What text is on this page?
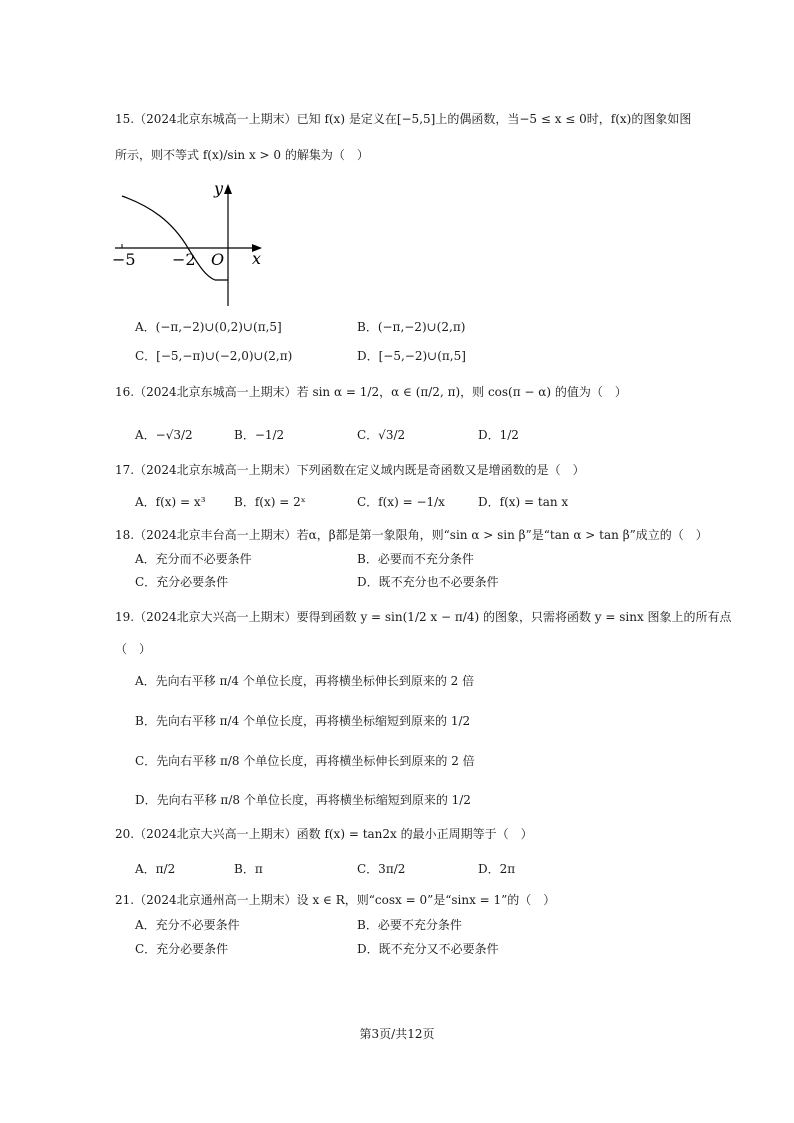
15.（2024北京东城高一上期末）已知 f(x) 是定义在[−5,5]上的偶函数，当−5 ≤ x ≤ 0时，f(x)的图象如图
所示，则不等式 f(x)/sin x > 0 的解集为（　）
y
x
O
−5 −2
A．(−π,−2)∪(0,2)∪(π,5]	B．(−π,−2)∪(2,π)
C．[−5,−π)∪(−2,0)∪(2,π)	D．[−5,−2)∪(π,5]
16.（2024北京东城高一上期末）若 sin α = 1/2，α ∈ (π/2, π)，则 cos(π − α) 的值为（　）
A．−√3/2	B．−1/2	C．√3/2	D．1/2
17.（2024北京东城高一上期末）下列函数在定义域内既是奇函数又是增函数的是（　）
A．f(x) = x³ B．f(x) = 2ˣ	C．f(x) = −1/x	D．f(x) = tan x
18.（2024北京丰台高一上期末）若α，β都是第一象限角，则“sin α > sin β”是“tan α > tan β”成立的（　）
A．充分而不必要条件	B．必要而不充分条件
C．充分必要条件	D．既不充分也不必要条件
19.（2024北京大兴高一上期末）要得到函数 y = sin(1/2 x − π/4) 的图象，只需将函数 y = sinx 图象上的所有点
（　）
A．先向右平移 π/4 个单位长度，再将横坐标伸长到原来的 2 倍
B．先向右平移 π/4 个单位长度，再将横坐标缩短到原来的 1/2
C．先向右平移 π/8 个单位长度，再将横坐标伸长到原来的 2 倍
D．先向右平移 π/8 个单位长度，再将横坐标缩短到原来的 1/2
20.（2024北京大兴高一上期末）函数 f(x) = tan2x 的最小正周期等于（　）
A．π/2	B．π	C．3π/2	D．2π
21.（2024北京通州高一上期末）设 x ∈ R，则“cosx = 0”是“sinx = 1”的（　）
A．充分不必要条件	B．必要不充分条件
C．充分必要条件	D．既不充分又不必要条件
第3页/共12页
